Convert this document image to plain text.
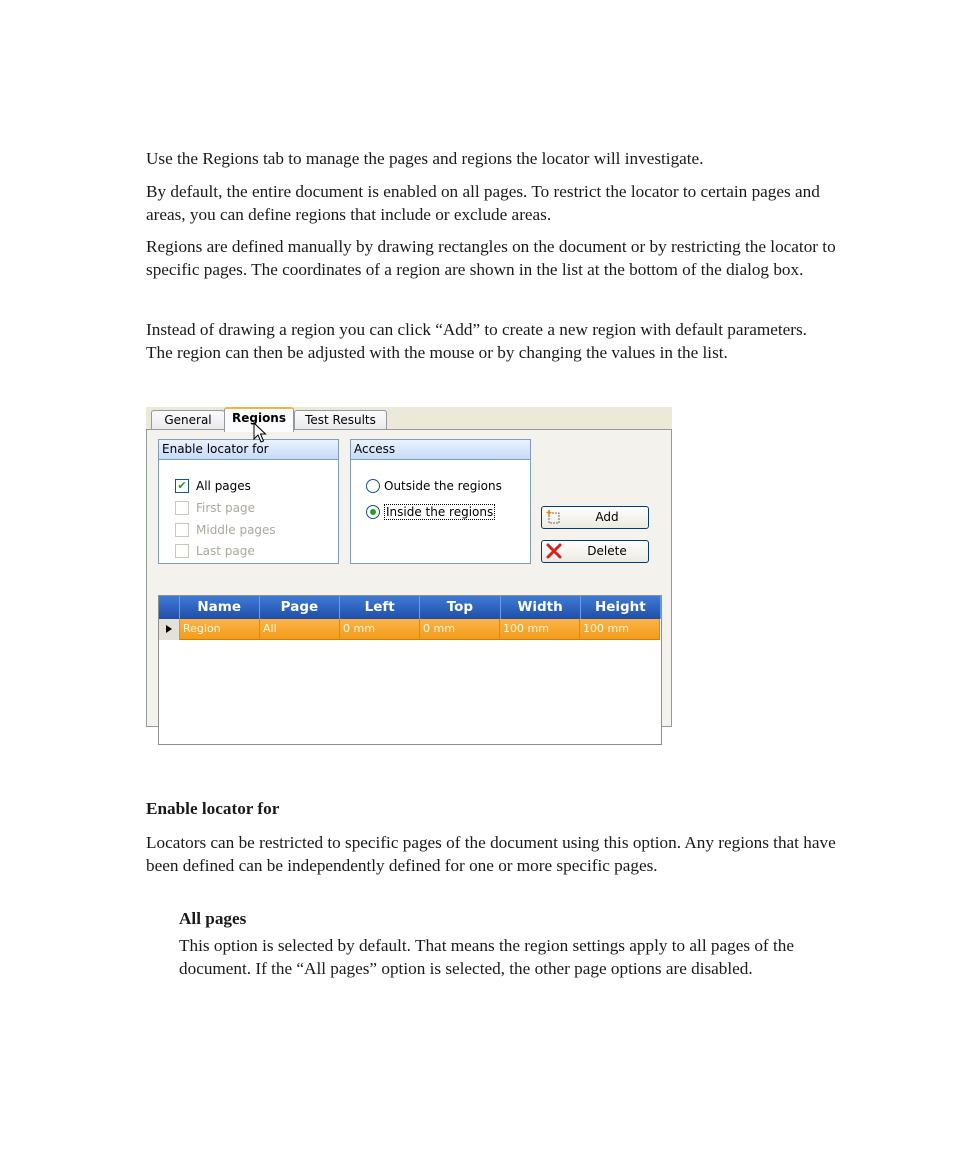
Use the Regions tab to manage the pages and regions the locator will investigate.

By default, the entire document is enabled on all pages. To restrict the locator to certain pages and areas, you can define regions that include or exclude areas.

Regions are defined manually by drawing rectangles on the document or by restricting the locator to specific pages. The coordinates of a region are shown in the list at the bottom of the dialog box.

Instead of drawing a region you can click “Add” to create a new region with default parameters. The region can then be adjusted with the mouse or by changing the values in the list.

General	Regions	Test Results
Enable locator for
✔ All pages
First page
Middle pages
Last page
Access
Outside the regions
Inside the regions	Add
Delete
Name	Page	Left	Top	Width	Height
Region	All	0 mm	0 mm	100 mm	100 mm

Enable locator for

Locators can be restricted to specific pages of the document using this option. Any regions that have been defined can be independently defined for one or more specific pages.

All pages

This option is selected by default. That means the region settings apply to all pages of the document. If the “All pages” option is selected, the other page options are disabled.
